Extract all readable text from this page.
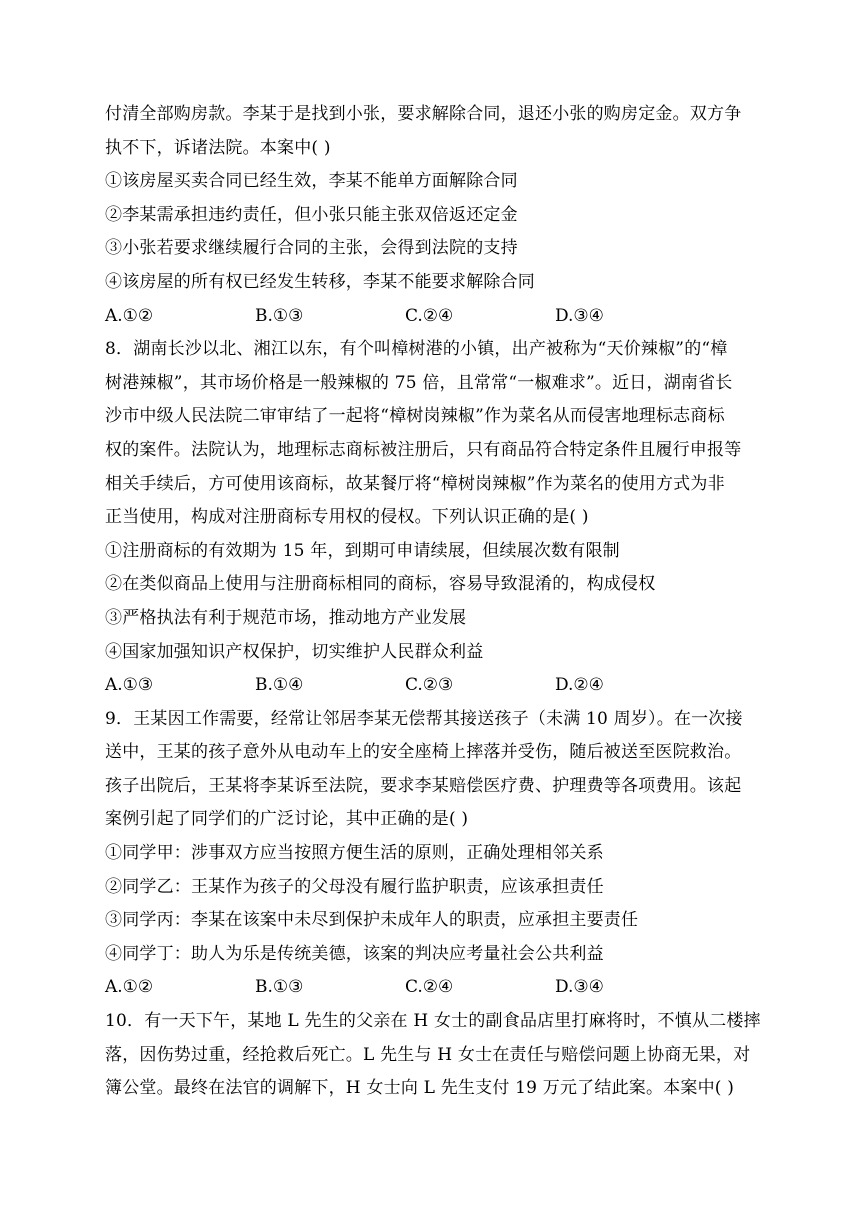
付清全部购房款。李某于是找到小张，要求解除合同，退还小张的购房定金。双方争
执不下，诉诸法院。本案中( )
①该房屋买卖合同已经生效，李某不能单方面解除合同
②李某需承担违约责任，但小张只能主张双倍返还定金
③小张若要求继续履行合同的主张，会得到法院的支持
④该房屋的所有权已经发生转移，李某不能要求解除合同
A.①②	B.①③	C.②④	D.③④
8．湖南长沙以北、湘江以东，有个叫樟树港的小镇，出产被称为“天价辣椒”的“樟
树港辣椒”，其市场价格是一般辣椒的 75 倍，且常常“一椒难求”。近日，湖南省长
沙市中级人民法院二审审结了一起将“樟树岗辣椒”作为菜名从而侵害地理标志商标
权的案件。法院认为，地理标志商标被注册后，只有商品符合特定条件且履行申报等
相关手续后，方可使用该商标，故某餐厅将“樟树岗辣椒”作为菜名的使用方式为非
正当使用，构成对注册商标专用权的侵权。下列认识正确的是( )
①注册商标的有效期为 15 年，到期可申请续展，但续展次数有限制
②在类似商品上使用与注册商标相同的商标，容易导致混淆的，构成侵权
③严格执法有利于规范市场，推动地方产业发展
④国家加强知识产权保护，切实维护人民群众利益
A.①③	B.①④	C.②③	D.②④
9．王某因工作需要，经常让邻居李某无偿帮其接送孩子（未满 10 周岁）。在一次接
送中，王某的孩子意外从电动车上的安全座椅上摔落并受伤，随后被送至医院救治。
孩子出院后，王某将李某诉至法院，要求李某赔偿医疗费、护理费等各项费用。该起
案例引起了同学们的广泛讨论，其中正确的是( )
①同学甲：涉事双方应当按照方便生活的原则，正确处理相邻关系
②同学乙：王某作为孩子的父母没有履行监护职责，应该承担责任
③同学丙：李某在该案中未尽到保护未成年人的职责，应承担主要责任
④同学丁：助人为乐是传统美德，该案的判决应考量社会公共利益
A.①②	B.①③	C.②④	D.③④
10．有一天下午，某地 L 先生的父亲在 H 女士的副食品店里打麻将时，不慎从二楼摔
落，因伤势过重，经抢救后死亡。L 先生与 H 女士在责任与赔偿问题上协商无果，对
簿公堂。最终在法官的调解下，H 女士向 L 先生支付 19 万元了结此案。本案中( )
